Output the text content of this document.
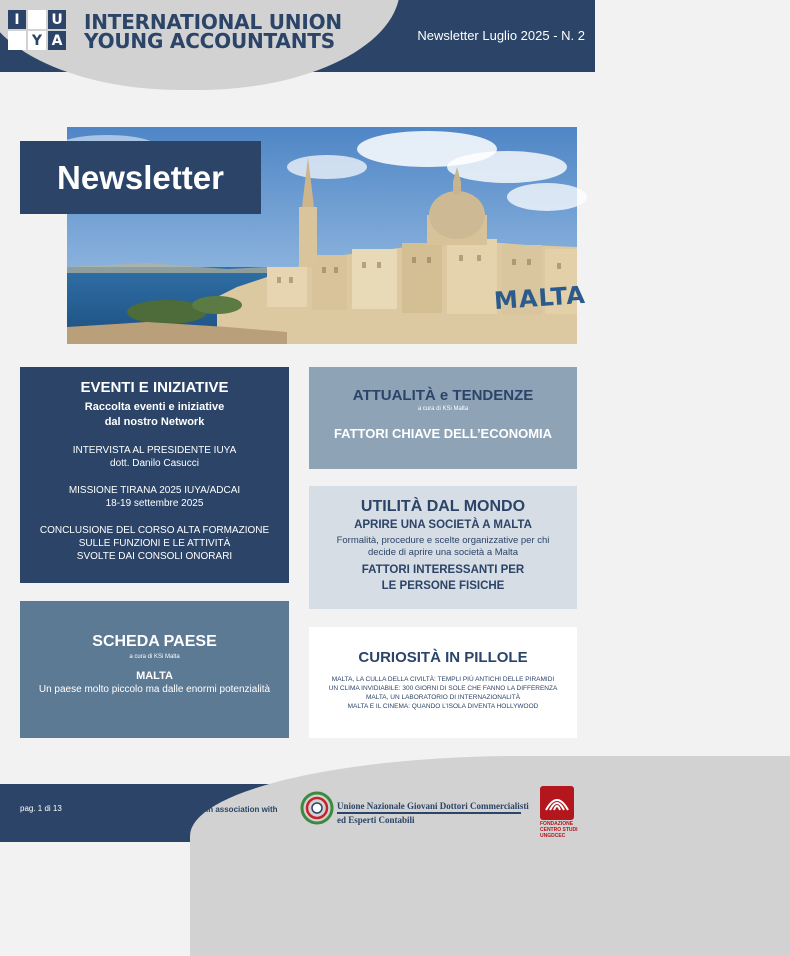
I	U
Y A
INTERNATIONAL UNION
YOUNG ACCOUNTANTS	Newsletter Luglio 2025 - N. 2
MALTA
Newsletter
EVENTI E INIZIATIVE
Raccolta eventi e iniziative
dal nostro Network
INTERVISTA AL PRESIDENTE IUYA
dott. Danilo Casucci
MISSIONE TIRANA 2025 IUYA/ADCAI
18-19 settembre 2025
CONCLUSIONE DEL CORSO ALTA FORMAZIONE
SULLE FUNZIONI E LE ATTIVITÀ
SVOLTE DAI CONSOLI ONORARI
ATTUALITÀ e TENDENZE
a cura di KSi Malta
FATTORI CHIAVE DELL’ECONOMIA
UTILITÀ DAL MONDO
APRIRE UNA SOCIETÀ A MALTA
Formalità, procedure e scelte organizzative per chi
decide di aprire una società a Malta
FATTORI INTERESSANTI PER
LE PERSONE FISICHE
SCHEDA PAESE
a cura di KSi Malta
MALTA
Un paese molto piccolo ma dalle enormi potenzialità
CURIOSITÀ IN PILLOLE
MALTA, LA CULLA DELLA CIVILTÀ: TEMPLI PIÙ ANTICHI DELLE PIRAMIDI
UN CLIMA INVIDIABILE: 300 GIORNI DI SOLE CHE FANNO LA DIFFERENZA
MALTA, UN LABORATORIO DI INTERNAZIONALITÀ
MALTA E IL CINEMA: QUANDO L’ISOLA DIVENTA HOLLYWOOD
pag. 1 di 13	in association with	Unione Nazionale Giovani Dottori Commercialisti
ed Esperti Contabili	FONDAZIONE
CENTRO STUDI
UNGDCEC
